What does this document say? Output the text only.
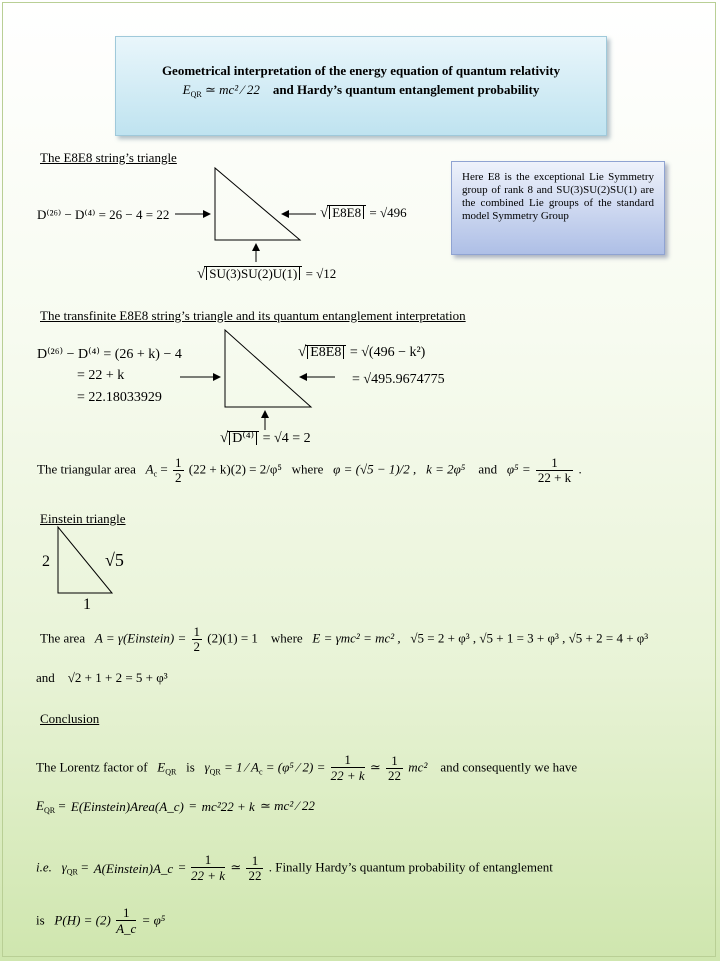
Geometrical interpretation of the energy equation of quantum relativity
$E_{QR}$ ≃ mc² ∕ 22 and Hardy’s quantum entanglement probability
The E8E8 string’s triangle
D⁽²⁶⁾ − D⁽⁴⁾ = 26 − 4 = 22	√ E8E8 = √496
√ SU(3)SU(2)U(1) = √12
Here E8 is the exceptional Lie Symmetry group of rank 8 and SU(3)SU(2)SU(1) are the combined Lie groups of the standard model Symmetry Group
The transfinite E8E8 string’s triangle and its quantum entanglement interpretation
D⁽²⁶⁾ − D⁽⁴⁾ = (26 + k) − 4
= 22 + k
= 22.18033929
√ E8E8 = √(496 − k²)
= √495.9674775
√ D⁽⁴⁾ = √4 = 2
The triangular area $A_c = \frac{1}{2} (22 + k)(2) = 2/\varphi^5$ where φ = (√5 − 1)/2 , k = 2φ⁵ and $\varphi^5 = \frac{1}{22 + k}$ .
Einstein triangle
2	√5
1
The area A = γ(Einstein) = $\frac{1}{2} (2)(1) = 1$ where E = γmc² = mc² , √5 = 2 + φ³ , √5 + 1 = 3 + φ³ , √5 + 2 = 4 + φ³
and √2 + 1 + 2 = 5 + φ³
Conclusion
The Lorentz factor of $E_{QR}$ is $\gamma_{QR} = 1$ ∕ $A_c = (\varphi^5$ ∕ $2) = \frac{1}{22 + k}$ ≃ $\frac{1}{22} mc^2$ and consequently we have
$E_{QR}$ = E(Einstein)Area(A_c) = mc²22 + k ≃ mc² ∕ 22
i.e. $\gamma_{QR}$ = A(Einstein)A_c = $\frac{1}{22 + k}$ ≃ $\frac{1}{22}$ . Finally Hardy’s quantum probability of entanglement
is $P(H) = (2) \frac{1}{A\_c} = \varphi^5$
